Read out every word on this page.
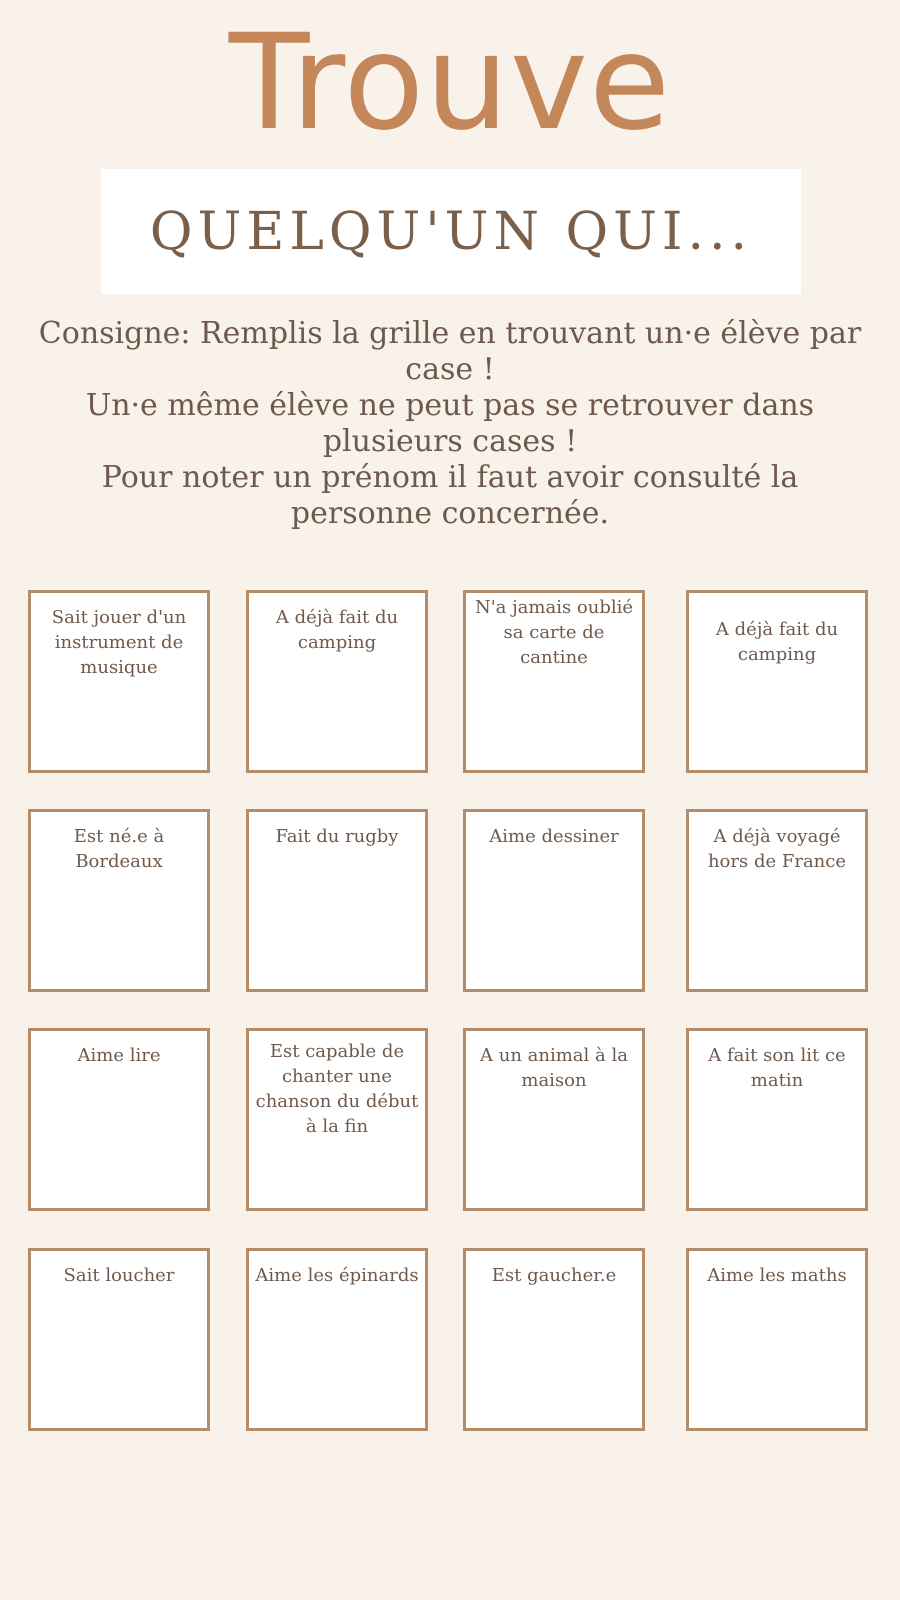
Trouve
QUELQU'UN QUI...
Consigne: Remplis la grille en trouvant un·e élève par case !
Un·e même élève ne peut pas se retrouver dans plusieurs cases !
Pour noter un prénom il faut avoir consulté la personne concernée.
Sait jouer d'un instrument de musique
A déjà fait du camping
N'a jamais oublié sa carte de cantine
A déjà fait du camping
Est né.e à Bordeaux
Fait du rugby	Aime dessiner	A déjà voyagé hors de France
Aime lire	Est capable de chanter une chanson du début à la fin
A un animal à la maison
A fait son lit ce matin
Sait loucher	Aime les épinards	Est gaucher.e	Aime les maths
